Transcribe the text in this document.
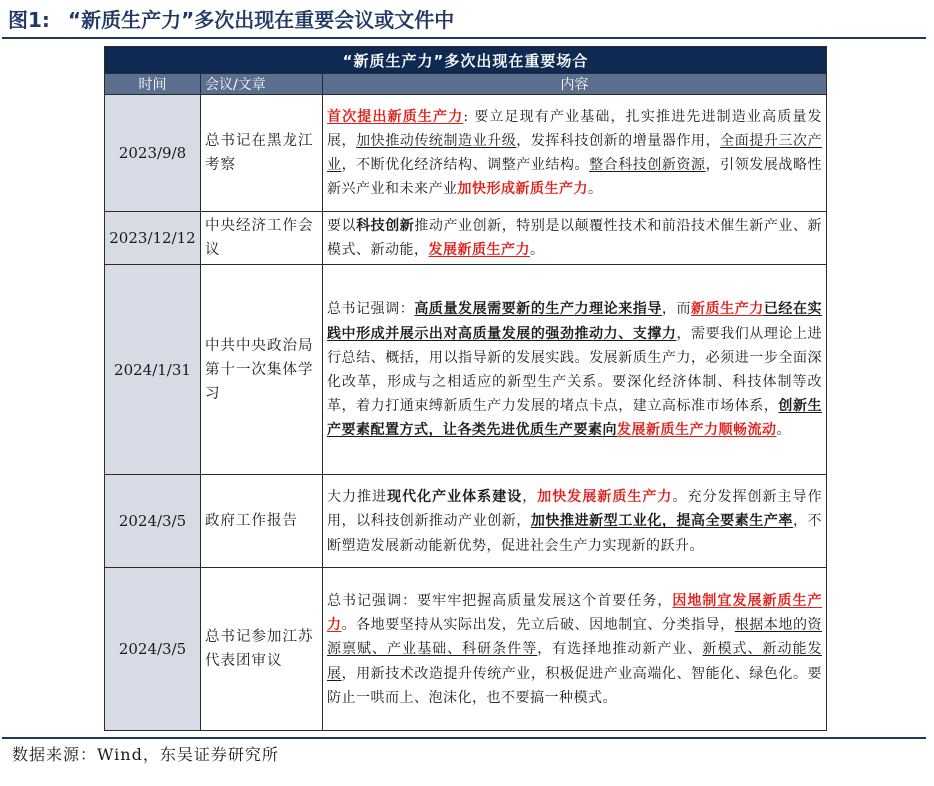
图1: “新质生产力”多次出现在重要会议或文件中
“新质生产力”多次出现在重要场合		
时间	会议/文章	内容
2023/9/8	总书记在黑龙江考察	首次提出新质生产力: 要立足现有产业基础，扎实推进先进制造业高质量发展，加快推动传统制造业升级，发挥科技创新的增量器作用，全面提升三次产业，不断优化经济结构、调整产业结构。整合科技创新资源，引领发展战略性新兴产业和未来产业加快形成新质生产力。
2023/12/12	中央经济工作会议	要以科技创新推动产业创新，特别是以颠覆性技术和前沿技术催生新产业、新模式、新动能，发展新质生产力。
2024/1/31	中共中央政治局第十一次集体学习	总书记强调：高质量发展需要新的生产力理论来指导，而新质生产力已经在实践中形成并展示出对高质量发展的强劲推动力、支撑力，需要我们从理论上进行总结、概括，用以指导新的发展实践。发展新质生产力，必须进一步全面深化改革，形成与之相适应的新型生产关系。要深化经济体制、科技体制等改革，着力打通束缚新质生产力发展的堵点卡点，建立高标准市场体系，创新生产要素配置方式，让各类先进优质生产要素向发展新质生产力顺畅流动。
2024/3/5	政府工作报告	大力推进现代化产业体系建设，加快发展新质生产力。充分发挥创新主导作用，以科技创新推动产业创新，加快推进新型工业化，提高全要素生产率，不断塑造发展新动能新优势，促进社会生产力实现新的跃升。
2024/3/5	总书记参加江苏代表团审议	总书记强调：要牢牢把握高质量发展这个首要任务，因地制宜发展新质生产力。各地要坚持从实际出发，先立后破、因地制宜、分类指导，根据本地的资源禀赋、产业基础、科研条件等，有选择地推动新产业、新模式、新动能发展，用新技术改造提升传统产业，积极促进产业高端化、智能化、绿色化。要防止一哄而上、泡沫化，也不要搞一种模式。
数据来源：Wind，东吴证券研究所
